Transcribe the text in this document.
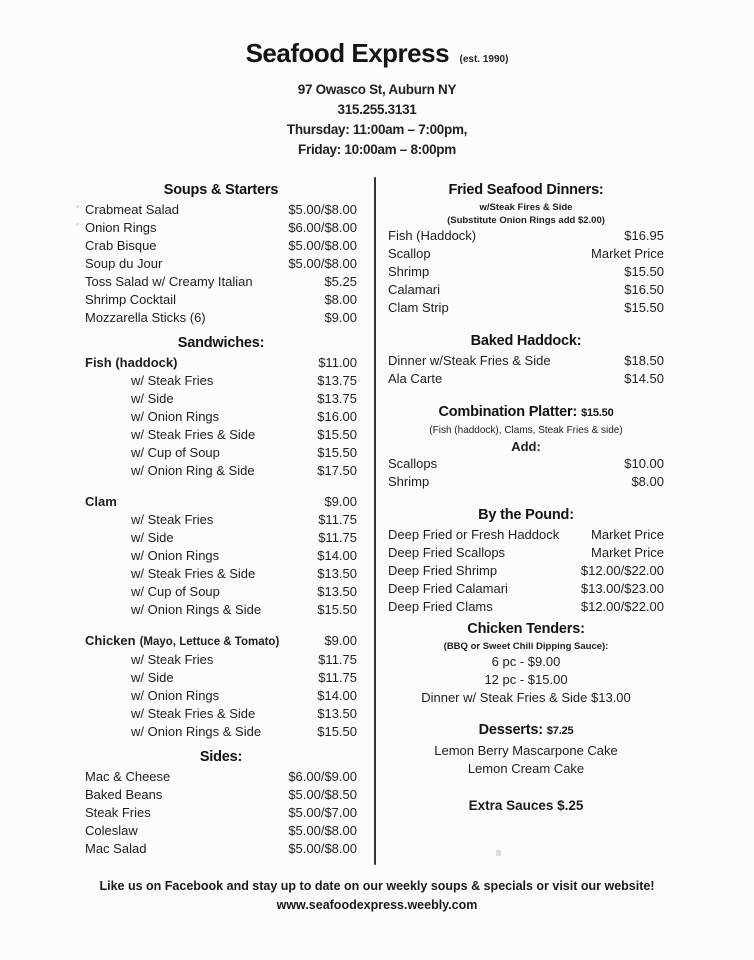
Seafood Express (est. 1990)
97 Owasco St, Auburn NY
315.255.3131
Thursday: 11:00am – 7:00pm,
Friday: 10:00am – 8:00pm
Soups & Starters
Crabmeat Salad	$5.00/$8.00
Onion Rings	$6.00/$8.00
Crab Bisque	$5.00/$8.00
Soup du Jour	$5.00/$8.00
Toss Salad w/ Creamy Italian	$5.25
Shrimp Cocktail	$8.00
Mozzarella Sticks (6)	$9.00
Sandwiches:
Fish (haddock)	$11.00
w/ Steak Fries	$13.75
w/ Side	$13.75
w/ Onion Rings	$16.00
w/ Steak Fries & Side	$15.50
w/ Cup of Soup	$15.50
w/ Onion Ring & Side	$17.50
Clam	$9.00
w/ Steak Fries	$11.75
w/ Side	$11.75
w/ Onion Rings	$14.00
w/ Steak Fries & Side	$13.50
w/ Cup of Soup	$13.50
w/ Onion Rings & Side	$15.50
Chicken (Mayo, Lettuce & Tomato)	$9.00
w/ Steak Fries	$11.75
w/ Side	$11.75
w/ Onion Rings	$14.00
w/ Steak Fries & Side	$13.50
w/ Onion Rings & Side	$15.50
Sides:
Mac & Cheese	$6.00/$9.00
Baked Beans	$5.00/$8.50
Steak Fries	$5.00/$7.00
Coleslaw	$5.00/$8.00
Mac Salad	$5.00/$8.00
Fried Seafood Dinners:
w/Steak Fires & Side
(Substitute Onion Rings add $2.00)
Fish (Haddock)	$16.95
Scallop	Market Price
Shrimp	$15.50
Calamari	$16.50
Clam Strip	$15.50
Baked Haddock:
Dinner w/Steak Fries & Side	$18.50
Ala Carte	$14.50
Combination Platter: $15.50
(Fish (haddock), Clams, Steak Fries & side)
Add:
Scallops	$10.00
Shrimp	$8.00
By the Pound:
Deep Fried or Fresh Haddock Market Price
Deep Fried Scallops	Market Price
Deep Fried Shrimp	$12.00/$22.00
Deep Fried Calamari	$13.00/$23.00
Deep Fried Clams	$12.00/$22.00
Chicken Tenders:
(BBQ or Sweet Chili Dipping Sauce):
6 pc - $9.00
12 pc - $15.00
Dinner w/ Steak Fries & Side $13.00
Desserts: $7.25
Lemon Berry Mascarpone Cake
Lemon Cream Cake
Extra Sauces $.25
Like us on Facebook and stay up to date on our weekly soups & specials or visit our website!
www.seafoodexpress.weebly.com
